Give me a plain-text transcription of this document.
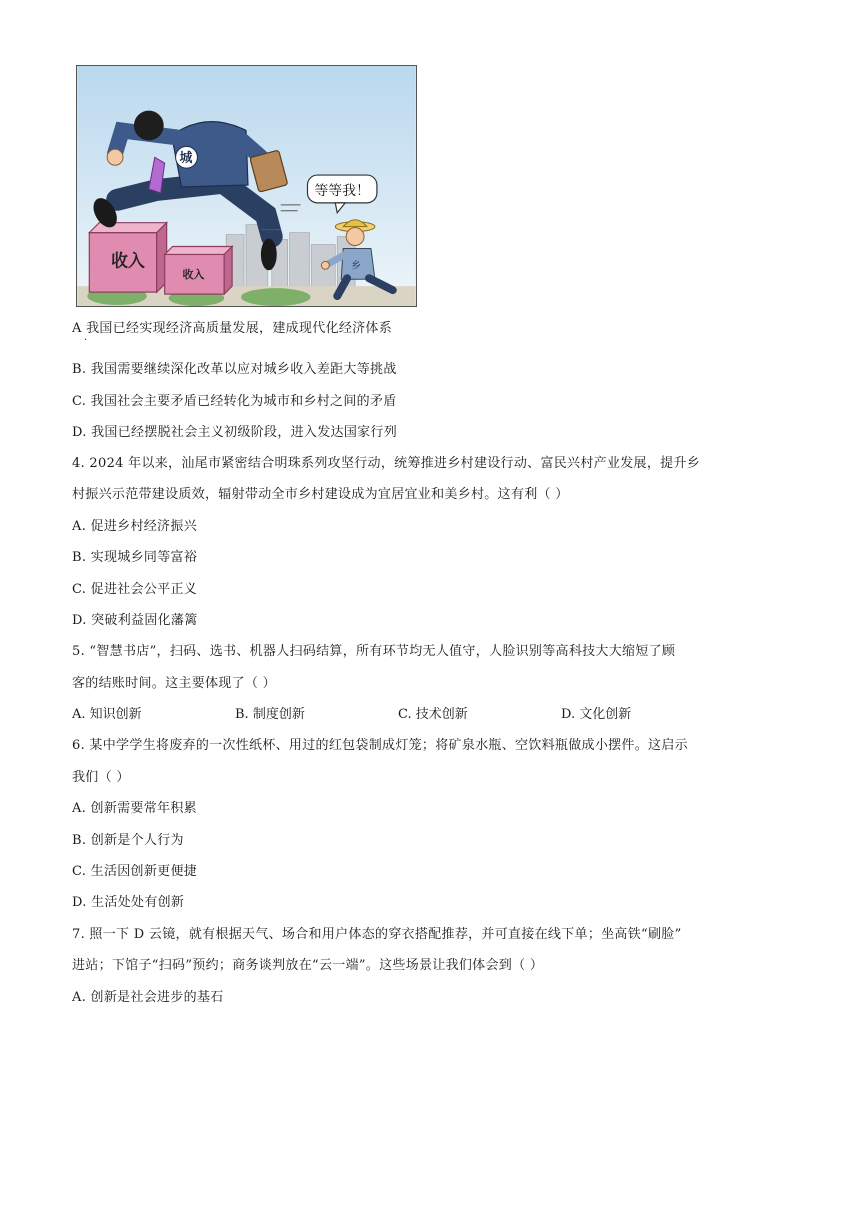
收入
收入
城
等等我！
乡
A 我国已经实现经济高质量发展，建成现代化经济体系
·
B. 我国需要继续深化改革以应对城乡收入差距大等挑战
C. 我国社会主要矛盾已经转化为城市和乡村之间的矛盾
D. 我国已经摆脱社会主义初级阶段，进入发达国家行列
4. 2024 年以来，汕尾市紧密结合明珠系列攻坚行动，统筹推进乡村建设行动、富民兴村产业发展，提升乡
村振兴示范带建设质效，辐射带动全市乡村建设成为宜居宜业和美乡村。这有利（ ）
A. 促进乡村经济振兴
B. 实现城乡同等富裕
C. 促进社会公平正义
D. 突破利益固化藩篱
5. “智慧书店”，扫码、选书、机器人扫码结算，所有环节均无人值守，人脸识别等高科技大大缩短了顾
客的结账时间。这主要体现了（ ）
A. 知识创新	B. 制度创新	C. 技术创新	D. 文化创新
6. 某中学学生将废弃的一次性纸杯、用过的红包袋制成灯笼；将矿泉水瓶、空饮料瓶做成小摆件。这启示
我们（ ）
A. 创新需要常年积累
B. 创新是个人行为
C. 生活因创新更便捷
D. 生活处处有创新
7. 照一下 D 云镜，就有根据天气、场合和用户体态的穿衣搭配推荐，并可直接在线下单；坐高铁“刷脸”
进站；下馆子“扫码”预约；商务谈判放在“云一端”。这些场景让我们体会到（ ）
A. 创新是社会进步的基石
